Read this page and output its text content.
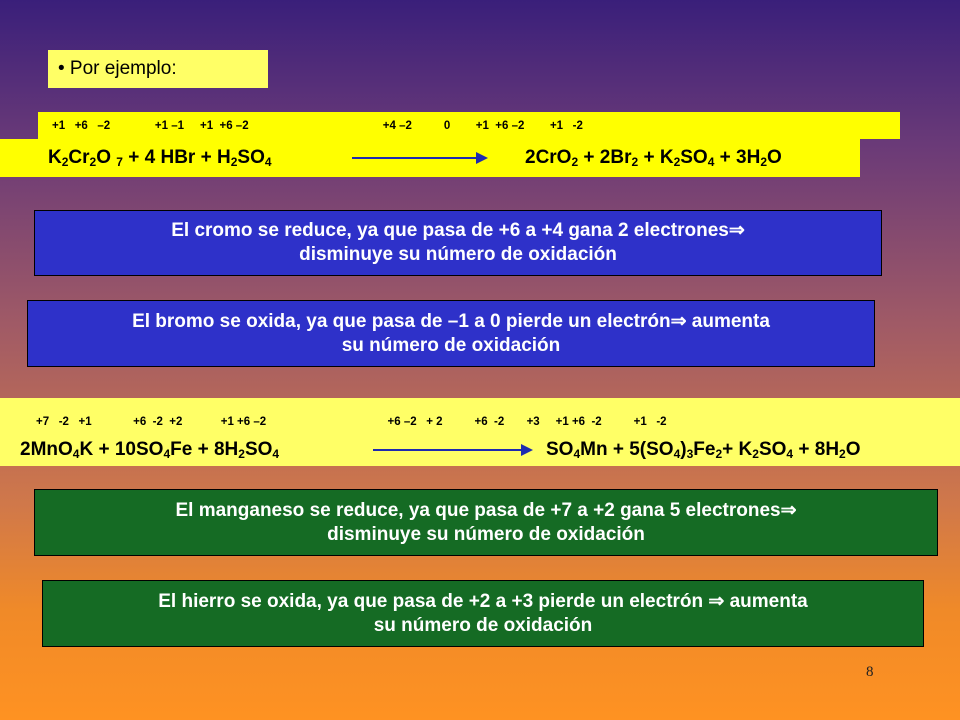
• Por ejemplo:
+1   +6   –2              +1 –1     +1  +6 –2                                          +4 –2          0        +1  +6 –2        +1   -2
$K_2Cr_2O$ $_7$ + 4 HBr + $H_2SO_4$	$2CrO_2 + 2Br_2 + K_2SO_4 + 3H_2O$
El cromo se reduce, ya que pasa de +6 a +4 gana 2 electrones⇒
disminuye su número de oxidación
El bromo se oxida, ya que pasa de –1 a 0 pierde un electrón⇒ aumenta
su número de oxidación
+7   -2   +1             +6  -2  +2            +1 +6 –2                                      +6 –2   + 2          +6  -2       +3     +1 +6  -2          +1   -2
$2MnO_4K + 10SO_4Fe + 8H_2SO_4$	$SO_4Mn + 5(SO_4)_3Fe_2+ K_2SO_4 + 8H_2O$
El manganeso se reduce, ya que pasa de +7 a +2 gana 5 electrones⇒
disminuye su número de oxidación
El hierro se oxida, ya que pasa de +2 a +3 pierde un electrón ⇒ aumenta
su número de oxidación
8
